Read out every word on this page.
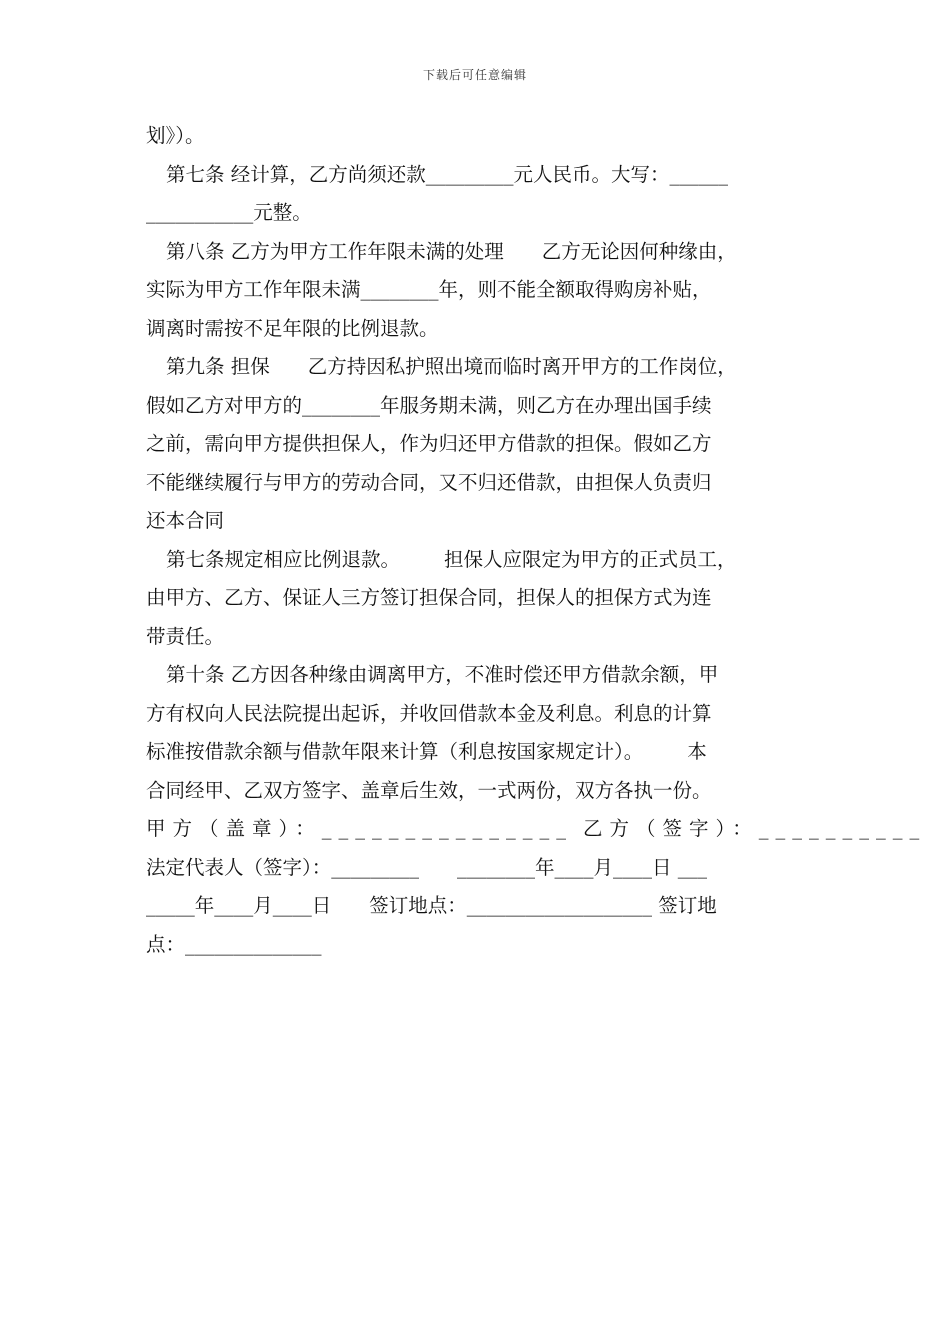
下载后可任意编辑
划》）。
第七条 经计算，乙方尚须还款_________元人民币。大写：______
___________元整。
第八条 乙方为甲方工作年限未满的处理 乙方无论因何种缘由，
实际为甲方工作年限未满________年，则不能全额取得购房补贴，
调离时需按不足年限的比例退款。
第九条 担保 乙方持因私护照出境而临时离开甲方的工作岗位，
假如乙方对甲方的________年服务期未满，则乙方在办理出国手续
之前，需向甲方提供担保人，作为归还甲方借款的担保。假如乙方
不能继续履行与甲方的劳动合同，又不归还借款，由担保人负责归
还本合同
第七条规定相应比例退款。 担保人应限定为甲方的正式员工，
由甲方、乙方、保证人三方签订担保合同，担保人的担保方式为连
带责任。
第十条 乙方因各种缘由调离甲方，不准时偿还甲方借款余额，甲
方有权向人民法院提出起诉，并收回借款本金及利息。利息的计算
标准按借款余额与借款年限来计算（利息按国家规定计）。 本
合同经甲、乙双方签字、盖章后生效，一式两份，双方各执一份。
甲方（盖章）：_______________ 乙方（签字）：__________
法定代表人（签字）：_________ ________年____月____日 ___
_____年____月____日 签订地点：___________________ 签订地
点：______________
